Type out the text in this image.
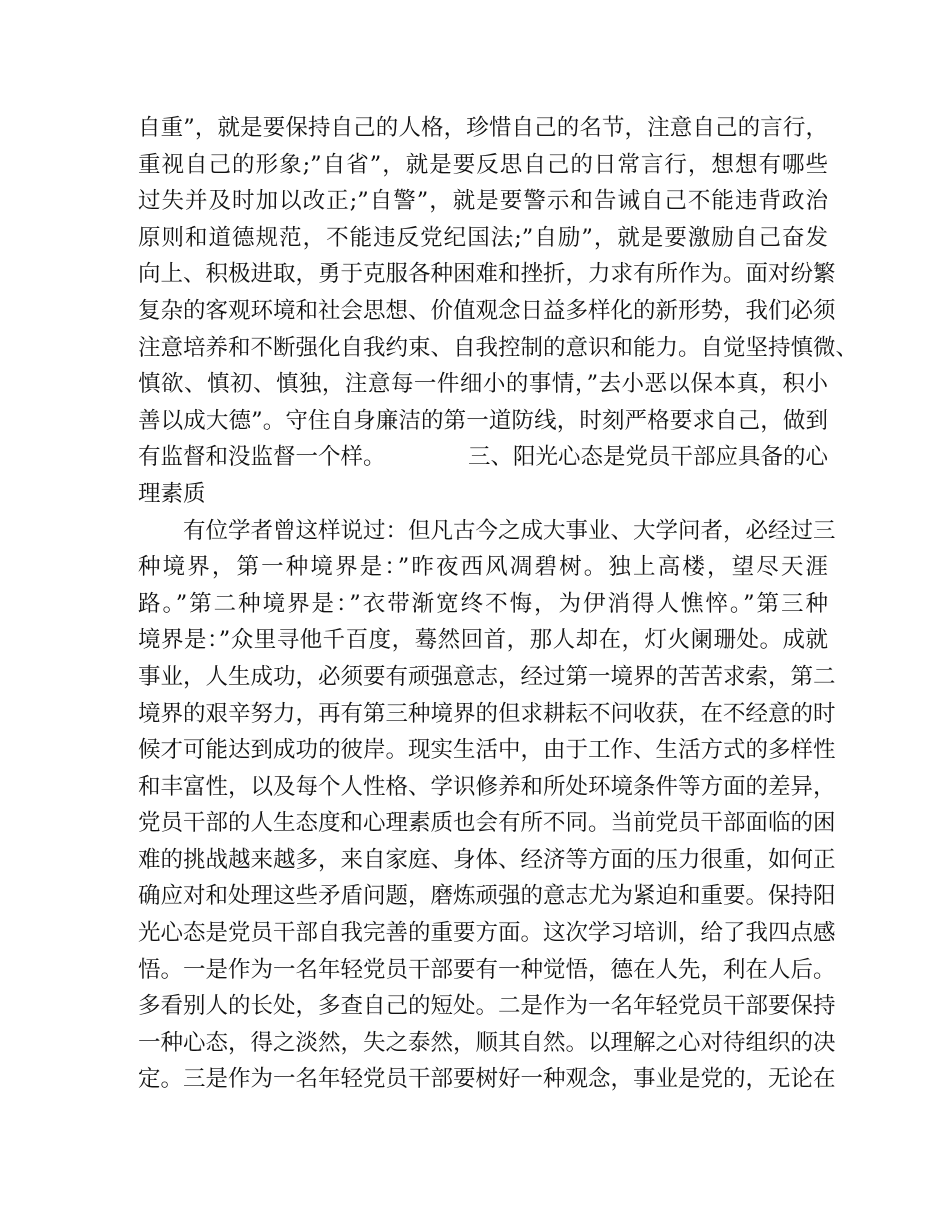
自重”，就是要保持自己的人格，珍惜自己的名节，注意自己的言行，
重视自己的形象;”自省”，就是要反思自己的日常言行，想想有哪些
过失并及时加以改正;”自警”，就是要警示和告诫自己不能违背政治
原则和道德规范，不能违反党纪国法;”自励”，就是要激励自己奋发
向上、积极进取，勇于克服各种困难和挫折，力求有所作为。面对纷繁
复杂的客观环境和社会思想、价值观念日益多样化的新形势，我们必须
注意培养和不断强化自我约束、自我控制的意识和能力。自觉坚持慎微、
慎欲、慎初、慎独，注意每一件细小的事情，”去小恶以保本真，积小
善以成大德”。守住自身廉洁的第一道防线，时刻严格要求自己，做到
有监督和没监督一个样。	三、阳光心态是党员干部应具备的心
理素质
有位学者曾这样说过：但凡古今之成大事业、大学问者，必经过三
种境界，第一种境界是：”昨夜西风凋碧树。独上高楼，望尽天涯
路。”第二种境界是：”衣带渐宽终不悔，为伊消得人憔悴。”第三种
境界是：”众里寻他千百度，蓦然回首，那人却在，灯火阑珊处。成就
事业，人生成功，必须要有顽强意志，经过第一境界的苦苦求索，第二
境界的艰辛努力，再有第三种境界的但求耕耘不问收获，在不经意的时
候才可能达到成功的彼岸。现实生活中，由于工作、生活方式的多样性
和丰富性，以及每个人性格、学识修养和所处环境条件等方面的差异，
党员干部的人生态度和心理素质也会有所不同。当前党员干部面临的困
难的挑战越来越多，来自家庭、身体、经济等方面的压力很重，如何正
确应对和处理这些矛盾问题，磨炼顽强的意志尤为紧迫和重要。保持阳
光心态是党员干部自我完善的重要方面。这次学习培训，给了我四点感
悟。一是作为一名年轻党员干部要有一种觉悟，德在人先，利在人后。
多看别人的长处，多查自己的短处。二是作为一名年轻党员干部要保持
一种心态，得之淡然，失之泰然，顺其自然。以理解之心对待组织的决
定。三是作为一名年轻党员干部要树好一种观念，事业是党的，无论在
